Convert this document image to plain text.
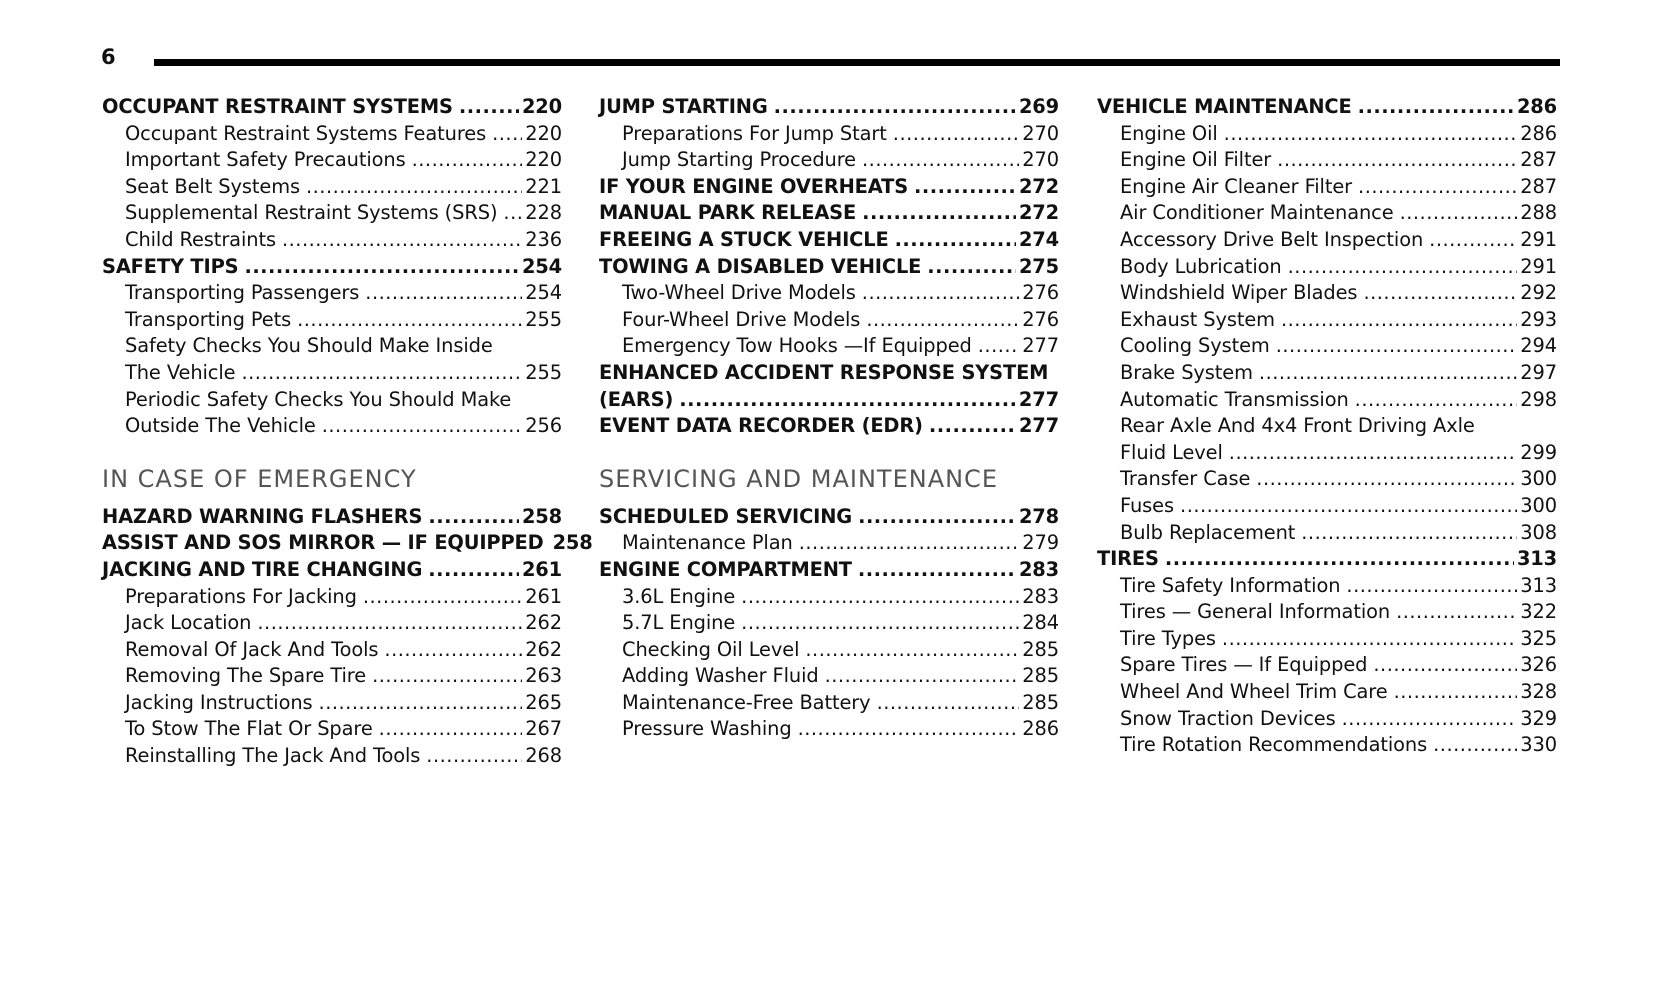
6
OCCUPANT RESTRAINT SYSTEMS .....	220
Occupant Restraint Systems Features ..... 220
Important Safety Precautions .....	220
Seat Belt Systems .....	221
Supplemental Restraint Systems (SRS) ..... 228
Child Restraints .....	236
SAFETY TIPS .....	254
Transporting Passengers .....	254
Transporting Pets .....	255
Safety Checks You Should Make Inside
The Vehicle .....	255
Periodic Safety Checks You Should Make
Outside The Vehicle .....	256
IN CASE OF EMERGENCY
HAZARD WARNING FLASHERS .....	258
ASSIST AND SOS MIRROR — IF EQUIPPED 258
JACKING AND TIRE CHANGING .....	261
Preparations For Jacking .....	261
Jack Location .....	262
Removal Of Jack And Tools .....	262
Removing The Spare Tire .....	263
Jacking Instructions .....	265
To Stow The Flat Or Spare .....	267
Reinstalling The Jack And Tools .....	268
JUMP STARTING .....	269
Preparations For Jump Start .....	270
Jump Starting Procedure .....	270
IF YOUR ENGINE OVERHEATS .....	272
MANUAL PARK RELEASE .....	272
FREEING A STUCK VEHICLE .....	274
TOWING A DISABLED VEHICLE .....	275
Two-Wheel Drive Models .....	276
Four-Wheel Drive Models .....	276
Emergency Tow Hooks —If Equipped .....	277
ENHANCED ACCIDENT RESPONSE SYSTEM
(EARS) .....	277
EVENT DATA RECORDER (EDR) .....	277
SERVICING AND MAINTENANCE
SCHEDULED SERVICING .....	278
Maintenance Plan .....	279
ENGINE COMPARTMENT .....	283
3.6L Engine .....	283
5.7L Engine .....	284
Checking Oil Level .....	285
Adding Washer Fluid .....	285
Maintenance-Free Battery .....	285
Pressure Washing .....	286
VEHICLE MAINTENANCE .....	286
Engine Oil .....	286
Engine Oil Filter .....	287
Engine Air Cleaner Filter .....	287
Air Conditioner Maintenance .....	288
Accessory Drive Belt Inspection .....	291
Body Lubrication .....	291
Windshield Wiper Blades .....	292
Exhaust System .....	293
Cooling System .....	294
Brake System .....	297
Automatic Transmission .....	298
Rear Axle And 4x4 Front Driving Axle
Fluid Level .....	299
Transfer Case .....	300
Fuses .....	300
Bulb Replacement .....	308
TIRES .....	313
Tire Safety Information .....	313
Tires — General Information .....	322
Tire Types .....	325
Spare Tires — If Equipped .....	326
Wheel And Wheel Trim Care .....	328
Snow Traction Devices .....	329
Tire Rotation Recommendations .....	330
